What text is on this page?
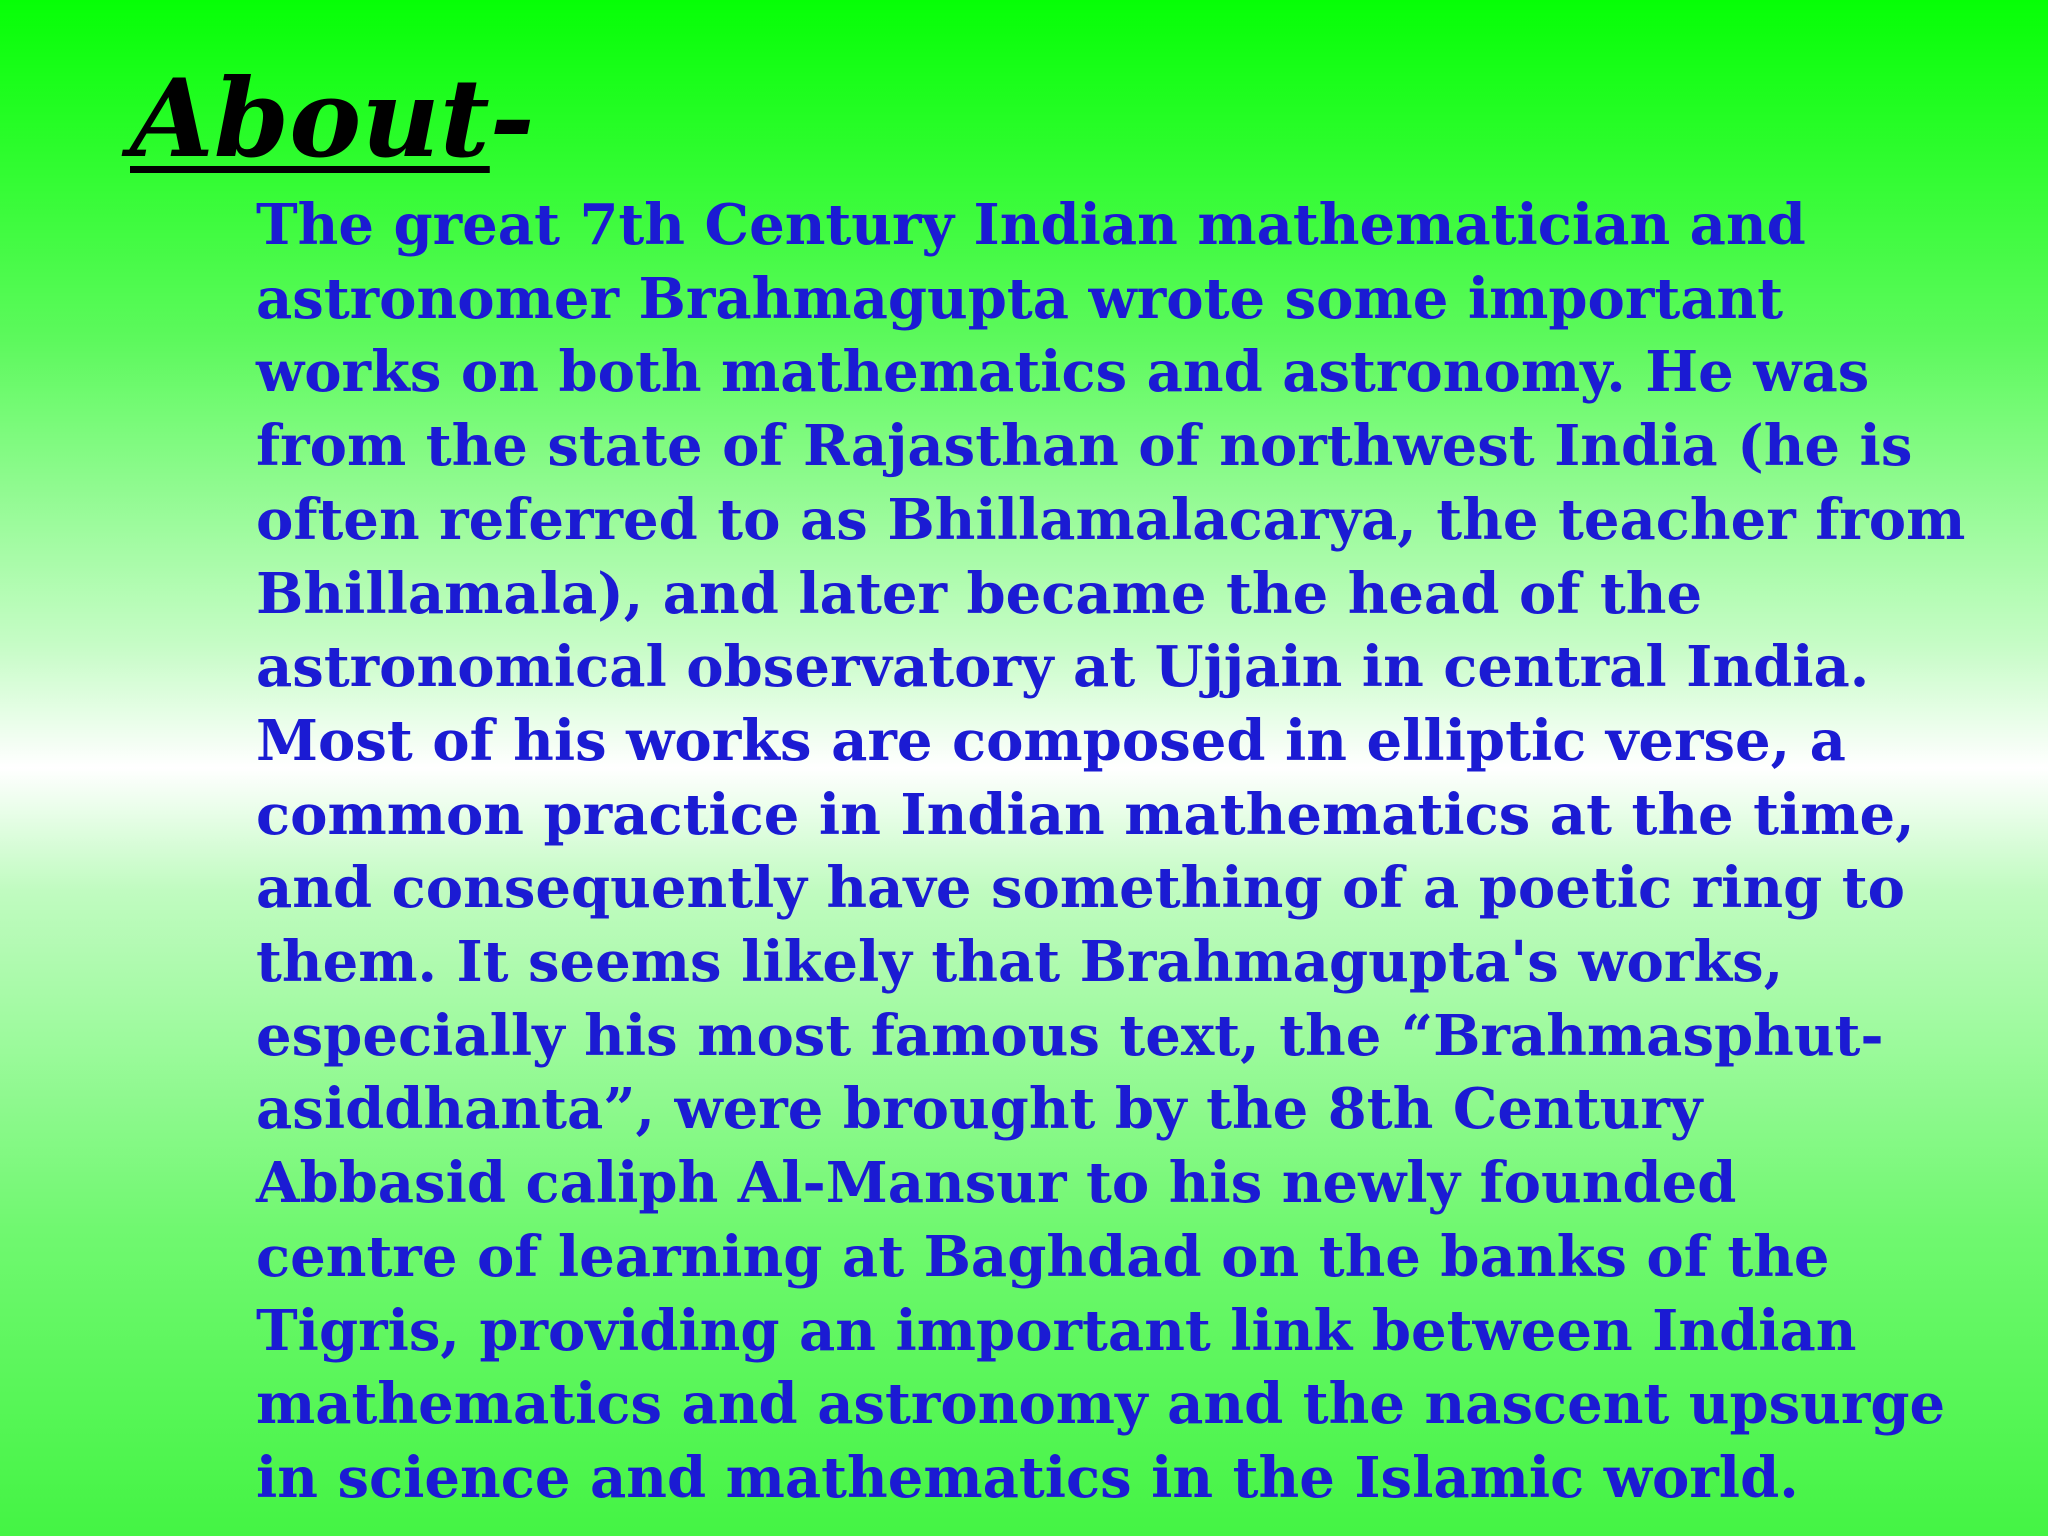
About-
The great 7th Century Indian mathematician and
astronomer Brahmagupta wrote some important
works on both mathematics and astronomy. He was
from the state of Rajasthan of northwest India (he is
often referred to as Bhillamalacarya, the teacher from
Bhillamala), and later became the head of the
astronomical observatory at Ujjain in central India.
Most of his works are composed in elliptic verse, a
common practice in Indian mathematics at the time,
and consequently have something of a poetic ring to
them. It seems likely that Brahmagupta's works,
especially his most famous text, the “Brahmasphut-
asiddhanta”, were brought by the 8th Century
Abbasid caliph Al-Mansur to his newly founded
centre of learning at Baghdad on the banks of the
Tigris, providing an important link between Indian
mathematics and astronomy and the nascent upsurge
in science and mathematics in the Islamic world.
